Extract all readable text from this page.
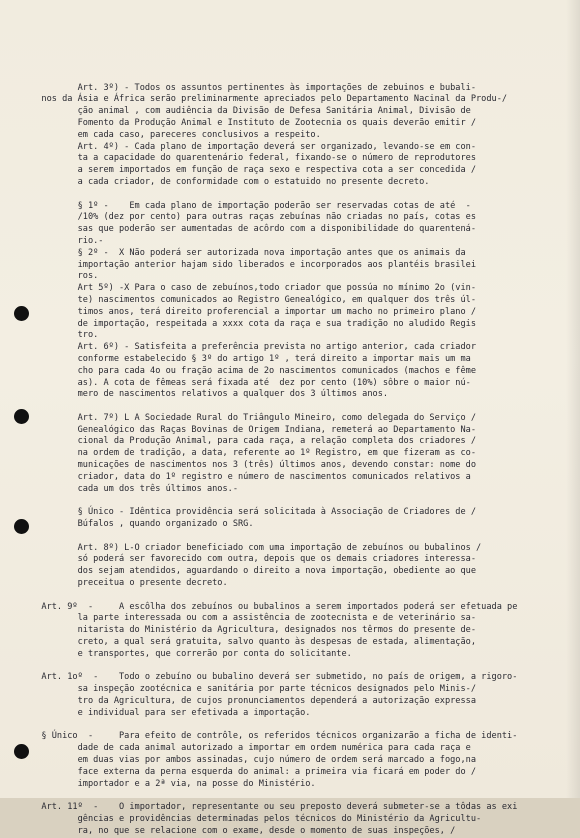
Art. 3º) - Todos os assuntos pertinentes às importações de zebuinos e bubali-
nos da Ásia e África serão preliminarmente apreciados pelo Departamento Nacinal da Produ-/
ção animal , com audiência da Divisão de Defesa Sanitária Animal, Divisão de
Fomento da Produção Animal e Instituto de Zootecnia os quais deverão emitir /
em cada caso, pareceres conclusivos a respeito.
Art. 4º) - Cada plano de importação deverá ser organizado, levando-se em con-
ta a capacidade do quarentenário federal, fixando-se o número de reprodutores
a serem importados em função de raça sexo e respectiva cota a ser concedida /
a cada criador, de conformidade com o estatuido no presente decreto.
§ 1º -    Em cada plano de importação poderão ser reservadas cotas de até  -
/10% (dez por cento) para outras raças zebuínas não criadas no país, cotas es
sas que poderão ser aumentadas de acôrdo com a disponibilidade do quarentená-
rio.-
§ 2º -  X Não poderá ser autorizada nova importação antes que os animais da
importação anterior hajam sido liberados e incorporados aos plantéis brasilei
ros.
Art 5º) -X Para o caso de zebuínos,todo criador que possúa no mínimo 2o (vin-
te) nascimentos comunicados ao Registro Genealógico, em qualquer dos três úl-
timos anos, terá direito proferencial a importar um macho no primeiro plano /
de importação, respeitada a xxxx cota da raça e sua tradição no aludido Regis
tro.
Art. 6º) - Satisfeita a preferência prevista no artigo anterior, cada criador
conforme estabelecido § 3º do artigo 1º , terá direito a importar mais um ma
cho para cada 4o ou fração acima de 2o nascimentos comunicados (machos e fême
as). A cota de fêmeas será fixada até  dez por cento (10%) sôbre o maior nú-
mero de nascimentos relativos a qualquer dos 3 últimos anos.
Art. 7º) L A Sociedade Rural do Triângulo Mineiro, como delegada do Serviço /
Genealógico das Raças Bovinas de Origem Indiana, remeterá ao Departamento Na-
cional da Produção Animal, para cada raça, a relação completa dos criadores /
na ordem de tradição, a data, referente ao 1º Registro, em que fizeram as co-
municações de nascimentos nos 3 (três) últimos anos, devendo constar: nome do
criador, data do 1º registro e número de nascimentos comunicados relativos a
cada um dos três últimos anos.-
§ Único - Idêntica providência será solicitada à Associação de Criadores de /
Búfalos , quando organizado o SRG.
Art. 8º) L-O criador beneficiado com uma importação de zebuínos ou bubalinos /
só poderá ser favorecido com outra, depois que os demais criadores interessa-
dos sejam atendidos, aguardando o direito a nova importação, obediente ao que
preceitua o presente decreto.
Art. 9º  -     A escôlha dos zebuínos ou bubalinos a serem importados poderá ser efetuada pe
la parte interessada ou com a assistência de zootecnista e de veterinário sa-
nitarista do Ministério da Agricultura, designados nos têrmos do presente de-
creto, a qual será gratuita, salvo quanto às despesas de estada, alimentação,
e transportes, que correrão por conta do solicitante.
Art. 1oº  -    Todo o zebuíno ou bubalino deverá ser submetido, no país de origem, a rigoro-
sa inspeção zootécnica e sanitária por parte técnicos designados pelo Minis-/
tro da Agricultura, de cujos pronunciamentos dependerá a autorização expressa
e individual para ser efetivada a importação.
§ Único  -     Para efeito de contrôle, os referidos técnicos organizarão a ficha de identi-
dade de cada animal autorizado a importar em ordem numérica para cada raça e
em duas vias por ambos assinadas, cujo número de ordem será marcado a fogo,na
face externa da perna esquerda do animal: a primeira via ficará em poder do /
importador e a 2ª via, na posse do Ministério.
Art. 11º  -    O importador, representante ou seu preposto deverá submeter-se a tôdas as exi
gências e providências determinadas pelos técnicos do Ministério da Agricultu-
ra, no que se relacione com o exame, desde o momento de suas inspeções, /
